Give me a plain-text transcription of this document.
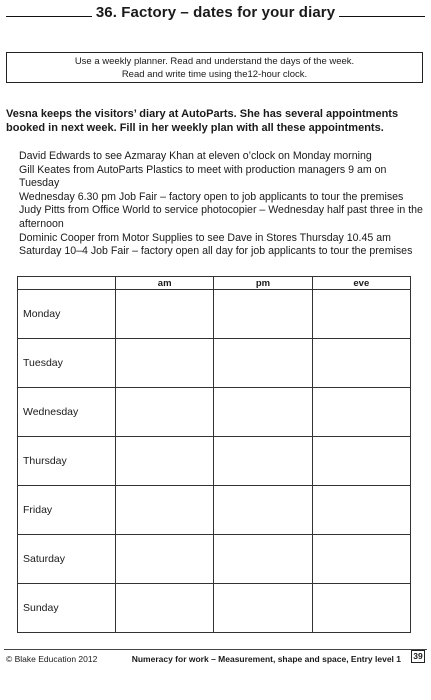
36. Factory – dates for your diary
Use a weekly planner. Read and understand the days of the week.
Read and write time using the12-hour clock.
Vesna keeps the visitors’ diary at AutoParts. She has several appointments booked in next week. Fill in her weekly plan with all these appointments.
David Edwards to see Azmaray Khan at eleven o’clock on Monday morning
Gill Keates from AutoParts Plastics to meet with production managers 9 am on Tuesday
Wednesday 6.30 pm Job Fair – factory open to job applicants to tour the premises
Judy Pitts from Office World to service photocopier – Wednesday half past three in the afternoon
Dominic Cooper from Motor Supplies to see Dave in Stores Thursday 10.45 am
Saturday 10–4 Job Fair – factory open all day for job applicants to tour the premises
	am	pm	eve
Monday			
Tuesday			
Wednesday			
Thursday			
Friday			
Saturday			
Sunday			
© Blake Education 2012	Numeracy for work – Measurement, shape and space, Entry level 1 39
